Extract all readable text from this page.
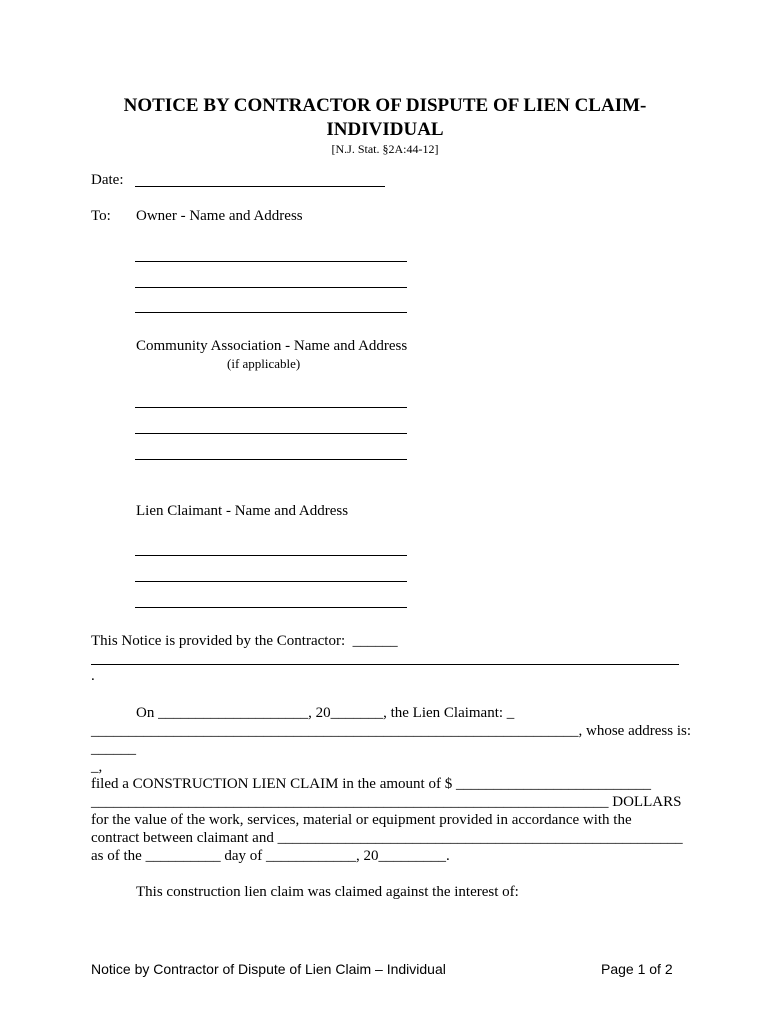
NOTICE BY CONTRACTOR OF DISPUTE OF LIEN CLAIM-
INDIVIDUAL
[N.J. Stat. §2A:44-12]
Date:
To: Owner - Name and Address
Community Association - Name and Address
(if applicable)
Lien Claimant - Name and Address
This Notice is provided by the Contractor:  ______
.
On ____________________, 20_______, the Lien Claimant: _
_________________________________________________________________, whose address is:
______
_,
filed a CONSTRUCTION LIEN CLAIM in the amount of $ __________________________
_____________________________________________________________________ DOLLARS
for the value of the work, services, material or equipment provided in accordance with the
contract between claimant and ______________________________________________________
as of the __________ day of ____________, 20_________.
This construction lien claim was claimed against the interest of:
Notice by Contractor of Dispute of Lien Claim – Individual	Page 1 of 2
